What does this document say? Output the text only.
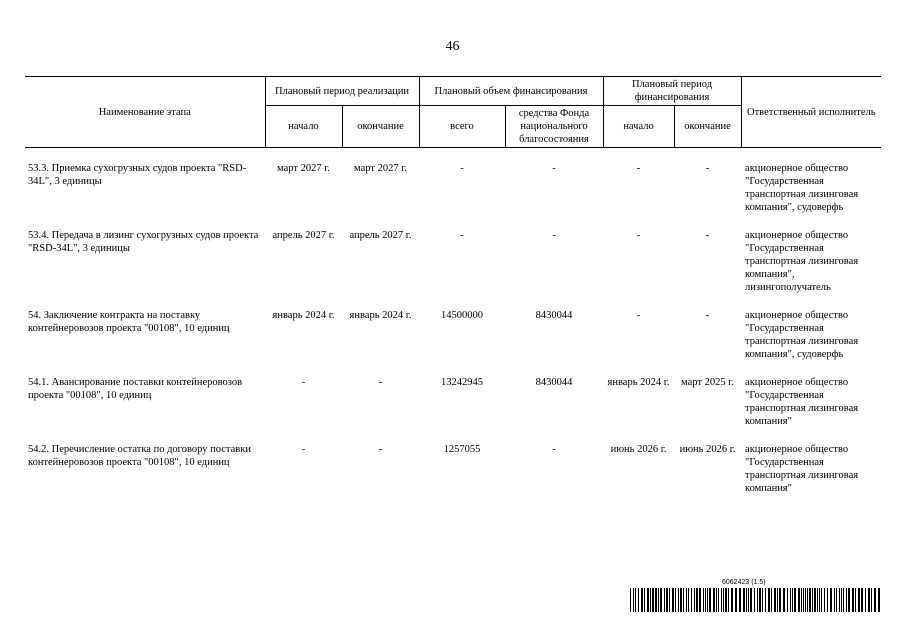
46
Наименование этапа	Плановый период реализации		Плановый объем финансирования		Плановый период финансирования		Ответственный исполнитель
	начало	окончание	всего	средства Фонда национального благосостояния	начало	окончание	

53.3. Приемка сухогрузных судов проекта "RSD-34L", 3 единицы	март 2027 г.	март 2027 г.	-	-	-	-	акционерное общество "Государственная транспортная лизинговая компания", судоверфь

53.4. Передача в лизинг сухогрузных судов проекта "RSD-34L", 3 единицы	апрель 2027 г.	апрель 2027 г.	-	-	-	-	акционерное общество "Государственная транспортная лизинговая компания", лизингополучатель

54. Заключение контракта на поставку контейнеровозов проекта "00108", 10 единиц	январь 2024 г.	январь 2024 г.	14500000	8430044	-	-	акционерное общество "Государственная транспортная лизинговая компания", судоверфь

54.1. Авансирование поставки контейнеровозов проекта "00108", 10 единиц	-	-	13242945	8430044	январь 2024 г.	март 2025 г.	акционерное общество "Государственная транспортная лизинговая компания"

54.2. Перечисление остатка по договору поставки контейнеровозов проекта "00108", 10 единиц	-	-	1257055	-	июнь 2026 г.	июнь 2026 г.	акционерное общество "Государственная транспортная лизинговая компания"
6062423 (1.5)
